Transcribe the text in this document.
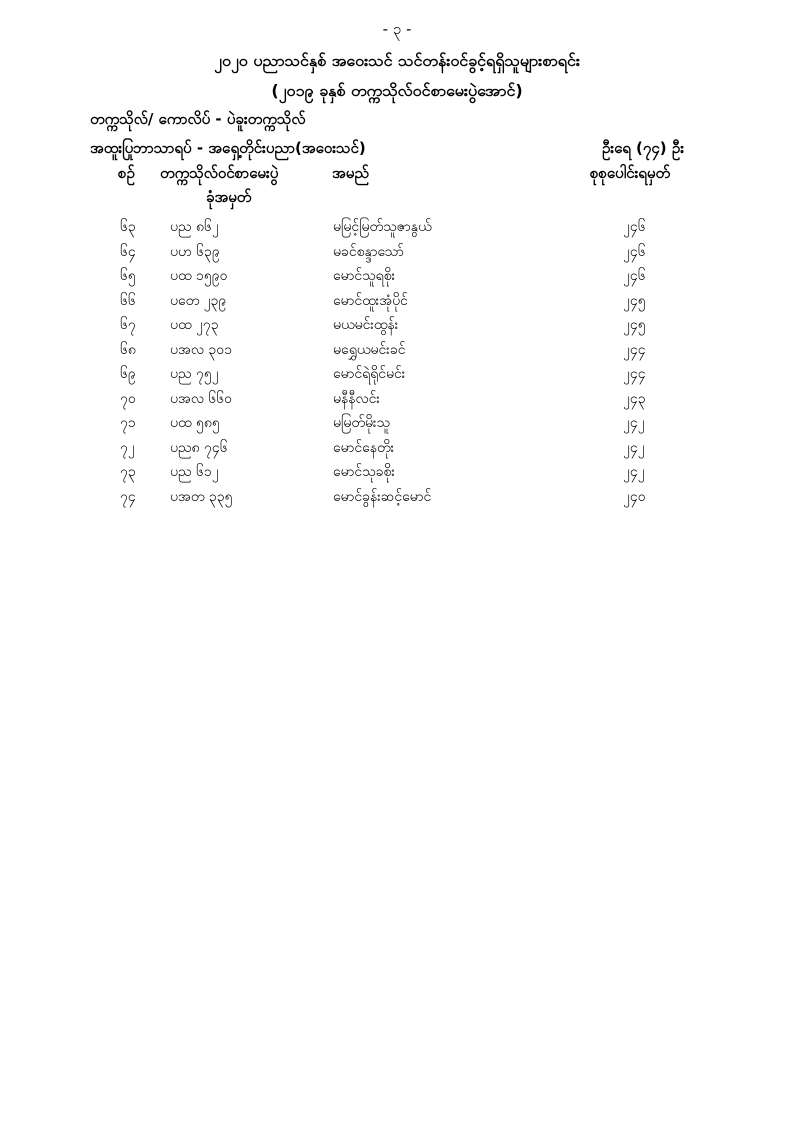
- ၃ -
၂၀၂၀ ပညာသင်နှစ် အဝေးသင် သင်တန်းဝင်ခွင့်ရရှိသူများစာရင်း
(၂၀၁၉ ခုနှစ် တက္ကသိုလ်ဝင်စာမေးပွဲအောင်)
တက္ကသိုလ်/ ကောလိပ် - ပဲခူးတက္ကသိုလ်
အထူးပြုဘာသာရပ် - အရှေ့တိုင်းပညာ(အဝေးသင်)	ဦးရေ (၇၄) ဦး
စဉ် တက္ကသိုလ်ဝင်စာမေးပွဲ
ခုံအမှတ်
အမည်	စုစုပေါင်းရမှတ်
၆၃ ပည ၈၆၂	မမြင့်မြတ်သူဇာနွယ်	၂၄၆
၆၄ ပဟ ၆၃၉	မခင်စန္ဒာသော်	၂၄၆
၆၅ ပထ ၁၅၉၀	မောင်သူရစိုး	၂၄၆
၆၆ ပတေ ၂၃၉	မောင်ထူးအုံပိုင်	၂၄၅
၆၇ ပထ ၂၇၃	မယမင်းထွန်း	၂၄၅
၆၈ ပအလ ၃၀၁	မရွှေယမင်းခင်	၂၄၄
၆၉ ပည ၇၅၂	မောင်ရဲရိုင်မင်း	၂၄၄
၇၀ ပအလ ၆၆၀	မနီနီလင်း	၂၄၃
၇၁ ပထ ၅၈၅	မမြတ်မိုးသူ	၂၄၂
၇၂	ပည၈ ၇၄၆	မောင်နေတိုး	၂၄၂
၇၃ ပည ၆၁၂	မောင်သုခစိုး	၂၄၂
၇၄ ပအတ ၃၃၅	မောင်ခွန်းဆင့်မောင်	၂၄၀
